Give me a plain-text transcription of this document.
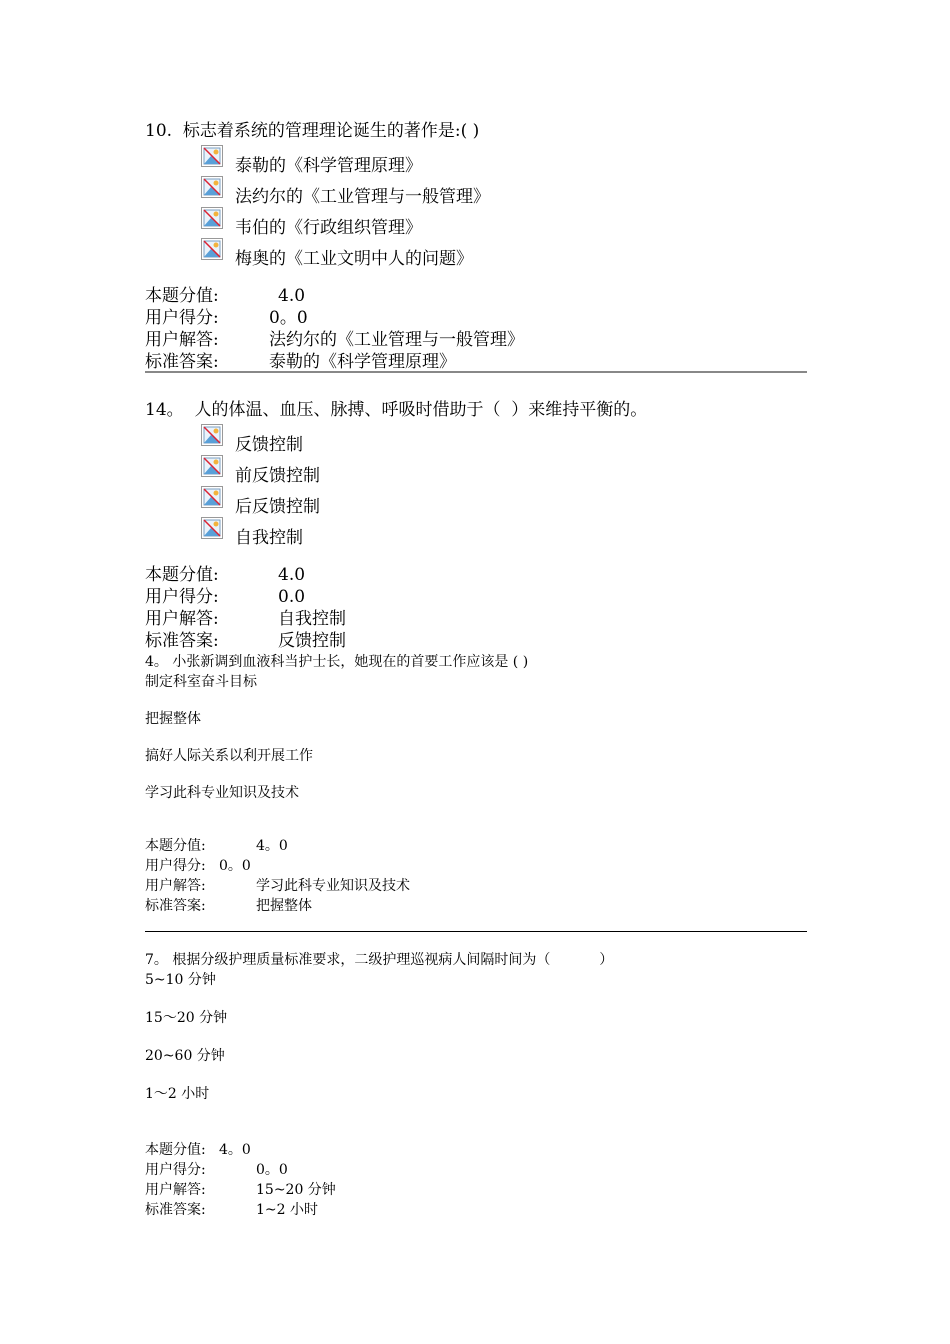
10.  标志着系统的管理理论诞生的著作是:( )
泰勒的《科学管理原理》
法约尔的《工业管理与一般管理》
韦伯的《行政组织管理》
梅奥的《工业文明中人的问题》
本题分值:	4.0
用户得分:	0。0
用户解答:	法约尔的《工业管理与一般管理》
标准答案:	泰勒的《科学管理原理》
14。  人的体温、血压、脉搏、呼吸时借助于（  ）来维持平衡的。
反馈控制
前反馈控制
后反馈控制
自我控制
本题分值:	4.0
用户得分:	0.0
用户解答:	自我控制
标准答案:	反馈控制
4。 小张新调到血液科当护士长，她现在的首要工作应该是 ( )
制定科室奋斗目标
把握整体
搞好人际关系以利开展工作
学习此科专业知识及技术
本题分值:	4。0
用户得分: 0。0
用户解答:	学习此科专业知识及技术
标准答案:	把握整体
7。 根据分级护理质量标准要求，二级护理巡视病人间隔时间为（           ）
5~10 分钟
15～20 分钟
20~60 分钟
1～2 小时
本题分值: 4。0
用户得分:	0。0
用户解答:	15~20 分钟
标准答案:	1~2 小时
